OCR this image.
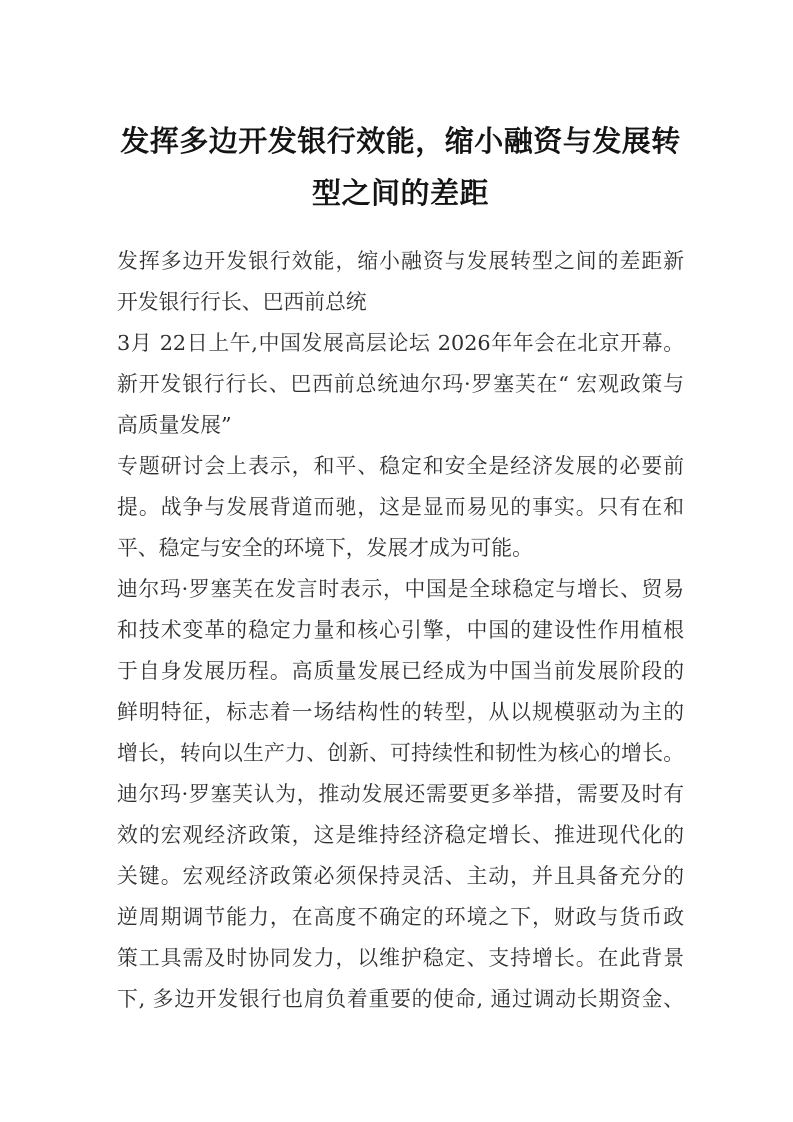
发挥多边开发银行效能，缩小融资与发展转
型之间的差距
发挥多边开发银行效能，缩小融资与发展转型之间的差距新
开发银行行长、巴西前总统
3月 22日上午,中国发展高层论坛 2026年年会在北京开幕。
新开发银行行长、巴西前总统迪尔玛·罗塞芙在“ 宏观政策与
高质量发展”
专题研讨会上表示，和平、稳定和安全是经济发展的必要前
提。战争与发展背道而驰，这是显而易见的事实。只有在和
平、稳定与安全的环境下，发展才成为可能。
迪尔玛·罗塞芙在发言时表示，中国是全球稳定与增长、贸易
和技术变革的稳定力量和核心引擎，中国的建设性作用植根
于自身发展历程。高质量发展已经成为中国当前发展阶段的
鲜明特征，标志着一场结构性的转型，从以规模驱动为主的
增长，转向以生产力、创新、可持续性和韧性为核心的增长。
迪尔玛·罗塞芙认为，推动发展还需要更多举措，需要及时有
效的宏观经济政策，这是维持经济稳定增长、推进现代化的
关键。宏观经济政策必须保持灵活、主动，并且具备充分的
逆周期调节能力，在高度不确定的环境之下，财政与货币政
策工具需及时协同发力，以维护稳定、支持增长。在此背景
下, 多边开发银行也肩负着重要的使命, 通过调动长期资金、
